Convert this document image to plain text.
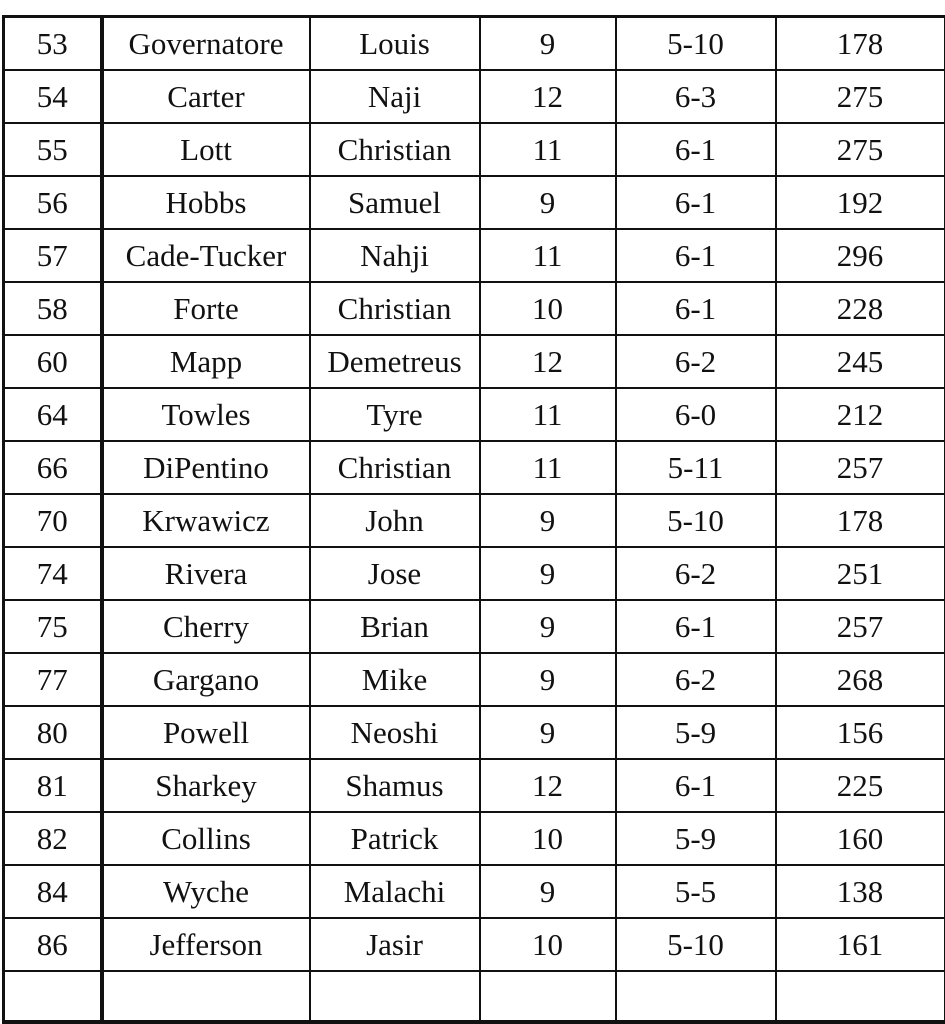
53	Governatore	Louis	9	5-10	178
54	Carter	Naji	12	6-3	275
55	Lott	Christian	11	6-1	275
56	Hobbs	Samuel	9	6-1	192
57	Cade-Tucker	Nahji	11	6-1	296
58	Forte	Christian	10	6-1	228
60	Mapp	Demetreus	12	6-2	245
64	Towles	Tyre	11	6-0	212
66	DiPentino	Christian	11	5-11	257
70	Krwawicz	John	9	5-10	178
74	Rivera	Jose	9	6-2	251
75	Cherry	Brian	9	6-1	257
77	Gargano	Mike	9	6-2	268
80	Powell	Neoshi	9	5-9	156
81	Sharkey	Shamus	12	6-1	225
82	Collins	Patrick	10	5-9	160
84	Wyche	Malachi	9	5-5	138
86	Jefferson	Jasir	10	5-10	161
